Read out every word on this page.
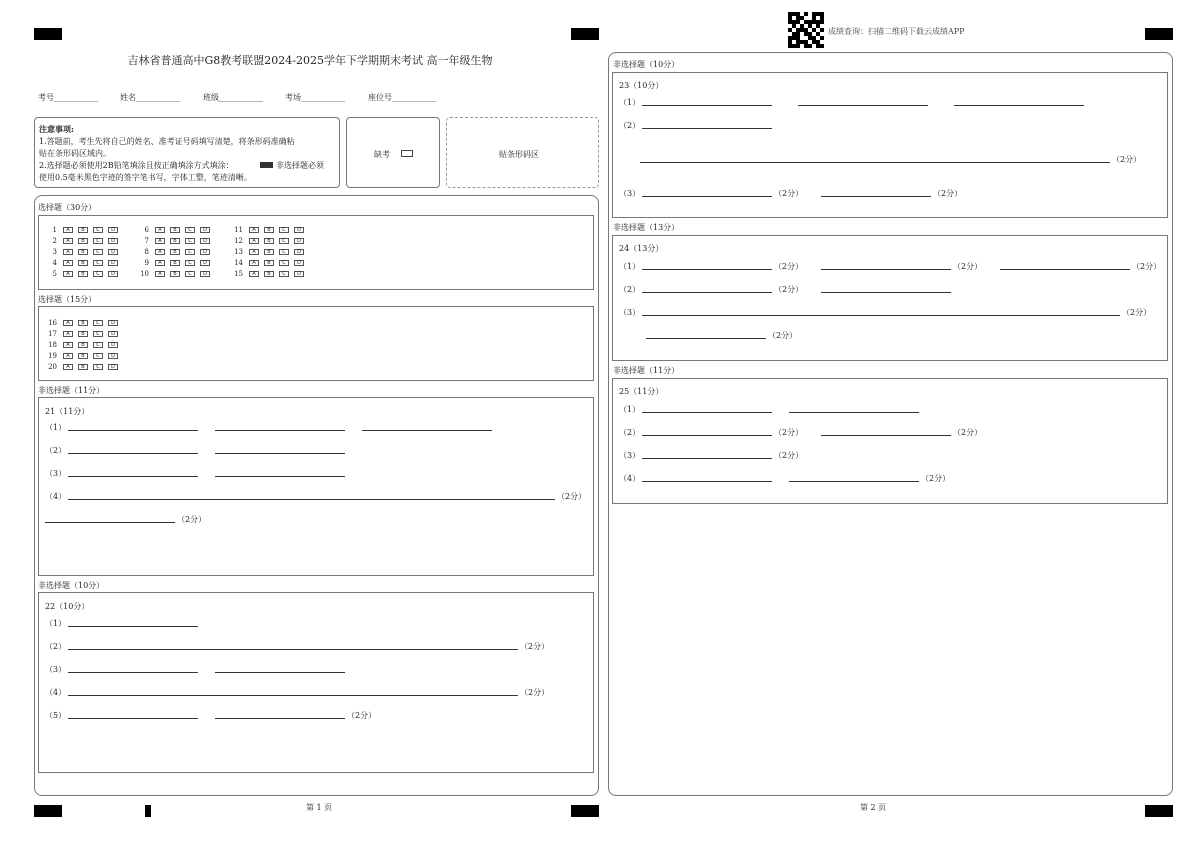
吉林省普通高中G8教考联盟2024-2025学年下学期期末考试 高一年级生物
考号___________	姓名___________	班级___________	考场___________	座位号___________
注意事项:
1.答题前，考生先将自己的姓名、准考证号码填写清楚，将条形码准确粘
贴在条形码区域内。
2.选择题必须使用2B铅笔填涂且按正确填涂方式填涂：	非选择题必须
使用0.5毫米黑色字迹的签字笔书写，字体工整，笔迹清晰。
缺考	贴条形码区
选择题（30分）
1	A	B	C	D
2	A	B	C	D
3	A	B	C	D
4	A	B	C	D
5	A	B	C	D
6	A	B	C	D
7	A	B	C	D
8	A	B	C	D
9	A	B	C	D
10	A	B	C	D
11	A	B	C	D
12	A	B	C	D
13	A	B	C	D
14	A	B	C	D
15	A	B	C	D
选择题（15分）
16	A	B	C	D
17	A	B	C	D
18	A	B	C	D
19	A	B	C	D
20	A	B	C	D
非选择题（11分）
21（11分）
（1）
（2）
（3）
（4）	（2分）
（2分）
非选择题（10分）
22（10分）
（1）
（2）	（2分）
（3）
（4）	（2分）
（5）	（2分）
第 1 页
成绩查询：扫描二维码下载云成绩APP
非选择题（10分）
23（10分）
（1）
（2）
（2分）
（3）	（2分）	（2分）
非选择题（13分）
24（13分）
（1）	（2分）	（2分）	（2分）
（2）	（2分）
（3）	（2分）
（2分）
非选择题（11分）
25（11分）
（1）
（2）	（2分）	（2分）
（3）	（2分）
（4）	（2分）
第 2 页
